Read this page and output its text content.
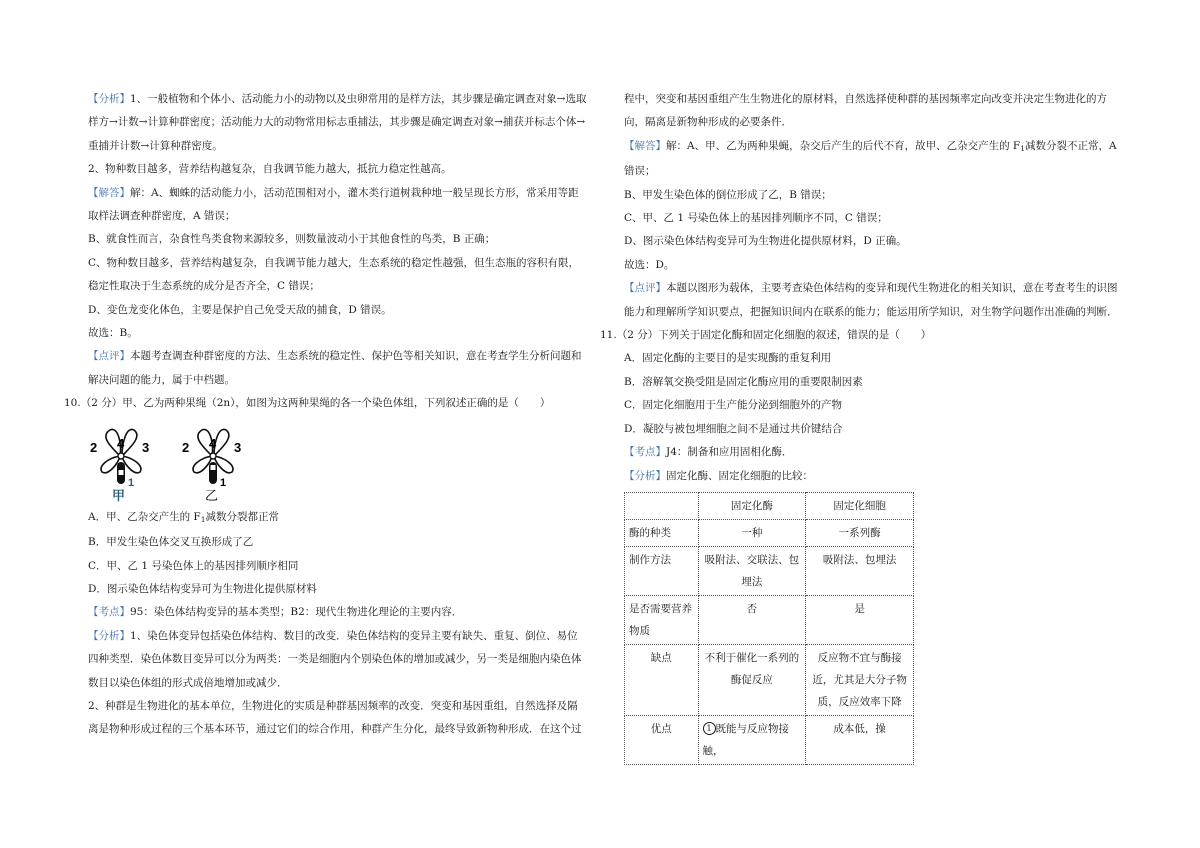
【分析】1、一般植物和个体小、活动能力小的动物以及虫卵常用的是样方法，其步骤是确定调查对象→选取样方→计数→计算种群密度；活动能力大的动物常用标志重捕法，其步骤是确定调查对象→捕获并标志个体→重捕并计数→计算种群密度。

2、物种数目越多，营养结构越复杂，自我调节能力越大，抵抗力稳定性越高。

【解答】解：A、蜘蛛的活动能力小，活动范围相对小，灌木类行道树栽种地一般呈现长方形，常采用等距取样法调查种群密度，A 错误；

B、就食性而言，杂食性鸟类食物来源较多，则数量波动小于其他食性的鸟类，B 正确；

C、物种数目越多，营养结构越复杂，自我调节能力越大，生态系统的稳定性越强，但生态瓶的容积有限，稳定性取决于生态系统的成分是否齐全，C 错误；

D、变色龙变化体色，主要是保护自己免受天敌的捕食，D 错误。

故选：B。

【点评】本题考查调查种群密度的方法、生态系统的稳定性、保护色等相关知识，意在考查学生分析问题和解决问题的能力，属于中档题。

10.（2 分）甲、乙为两种果绳（2n），如图为这两种果绳的各一个染色体组，下列叙述正确的是（　　）

2 4 3
1
甲
2 4 3
1
乙

A．甲、乙杂交产生的 $F_1$减数分裂都正常

B．甲发生染色体交叉互换形成了乙

C．甲、乙 1 号染色体上的基因排列顺序相同

D．图示染色体结构变异可为生物进化提供原材料

【考点】95：染色体结构变异的基本类型；B2：现代生物进化理论的主要内容．

【分析】1、染色体变异包括染色体结构、数目的改变．染色体结构的变异主要有缺失、重复、倒位、易位四种类型．染色体数目变异可以分为两类：一类是细胞内个别染色体的增加或减少，另一类是细胞内染色体数目以染色体组的形式成倍地增加或减少．

2、种群是生物进化的基本单位，生物进化的实质是种群基因频率的改变．突变和基因重组，自然选择及隔离是物种形成过程的三个基本环节，通过它们的综合作用，种群产生分化，最终导致新物种形成．在这个过

程中，突变和基因重组产生生物进化的原材料，自然选择使种群的基因频率定向改变并决定生物进化的方向，隔离是新物种形成的必要条件．

【解答】解：A、甲、乙为两种果蝇，杂交后产生的后代不育，故甲、乙杂交产生的 $F_1$减数分裂不正常，A 错误；

B、甲发生染色体的倒位形成了乙，B 错误；

C、甲、乙 1 号染色体上的基因排列顺序不同，C 错误；

D、图示染色体结构变异可为生物进化提供原材料，D 正确。

故选：D。

【点评】本题以图形为载体，主要考查染色体结构的变异和现代生物进化的相关知识，意在考查考生的识图能力和理解所学知识要点，把握知识间内在联系的能力；能运用所学知识，对生物学问题作出准确的判断．

11.（2 分）下列关于固定化酶和固定化细胞的叙述，错误的是（　　）

A．固定化酶的主要目的是实现酶的重复利用

B．溶解氧交换受阻是固定化酶应用的重要限制因素

C．固定化细胞用于生产能分泌到细胞外的产物

D．凝胶与被包埋细胞之间不是通过共价键结合

【考点】J4：制备和应用固相化酶．

【分析】固定化酶、固定化细胞的比较：

	固定化酶	固定化细胞
酶的种类	一种	一系列酶
制作方法	吸附法、交联法、包埋法	吸附法、包埋法
是否需要营养物质	否	是
缺点	不利于催化一系列的酶促反应	反应物不宜与酶接近，尤其是大分子物质，反应效率下降
优点	1 既能与反应物接触，	成本低，操
